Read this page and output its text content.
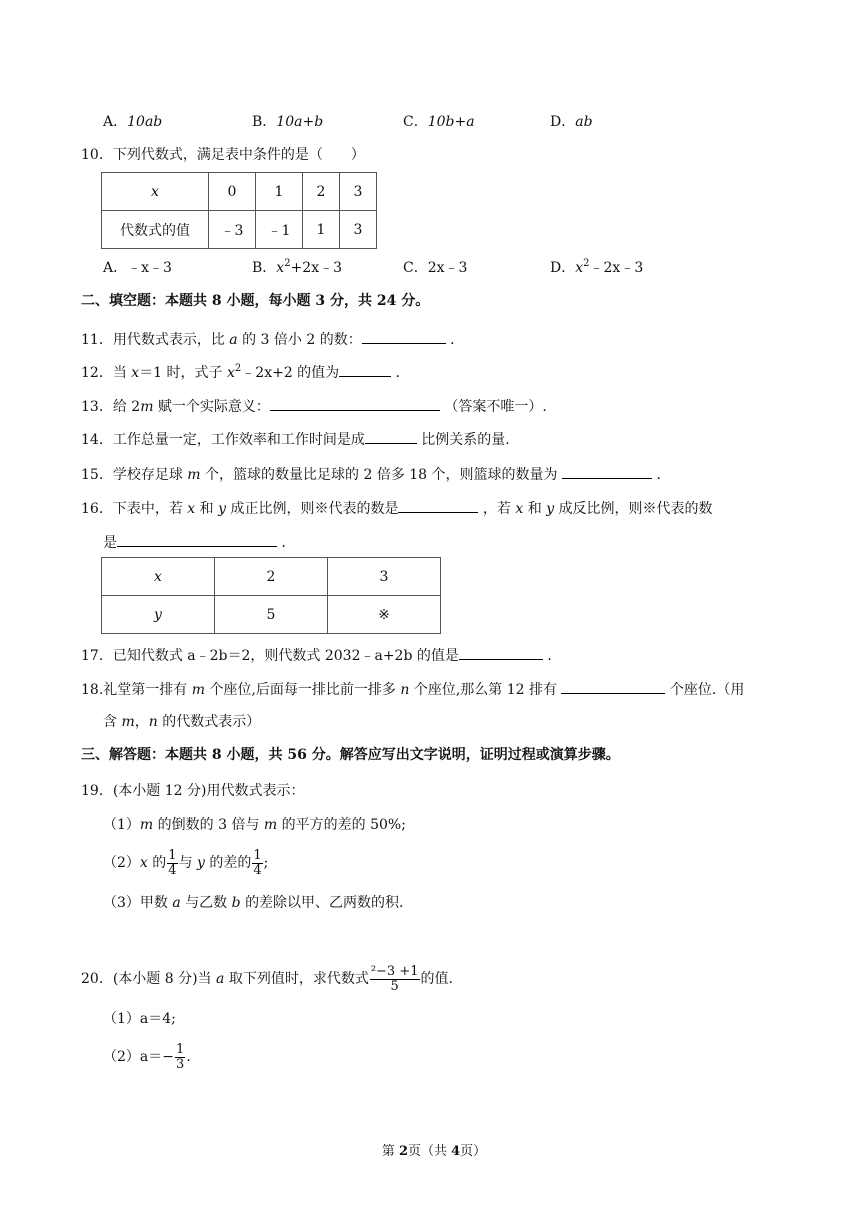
A．10ab	B．10a+b	C．10b+a	D．ab
10．下列代数式，满足表中条件的是（　　）
x	0	1	2	3
代数式的值	﹣3	﹣1	1	3
A．﹣x﹣3	B．$x^2+2x﹣3$	C．2x﹣3	D．$x^2﹣2x﹣3$
二、填空题：本题共 8 小题，每小题 3 分，共 24 分。
11．用代数式表示，比 a 的 3 倍小 2 的数：	．
12．当 x＝1 时，式子 $x^2﹣2x+2$ 的值为	．
13．给 2m 赋一个实际意义：	（答案不唯一）.
14．工作总量一定，工作效率和工作时间是成	比例关系的量.
15．学校存足球 m 个，篮球的数量比足球的 2 倍多 18 个，则篮球的数量为	．
16．下表中，若 x 和 y 成正比例，则※代表的数是	，若 x 和 y 成反比例，则※代表的数
是	．
x	2	3
y	5	※
17．已知代数式 a﹣2b＝2，则代数式 2032﹣a+2b 的值是	．
18.礼堂第一排有 m 个座位,后面每一排比前一排多 n 个座位,那么第 12 排有	个座位.（用
含 m，n 的代数式表示）
三、解答题：本题共 8 小题，共 56 分。解答应写出文字说明，证明过程或演算步骤。
19．(本小题 12 分)用代数式表示：
（1）m 的倒数的 3 倍与 m 的平方的差的 50%;
（2）x 的 $\frac{1}{4}$ 与 y 的差的 $\frac{1}{4}$ ;
（3）甲数 a 与乙数 b 的差除以甲、乙两数的积.
20．(本小题 8 分)当 a 取下列值时，求代数式 $\frac{\text{²−3 +1}}{5}$ 的值.
（1）a＝4;
$(2)a=- \frac{1}{3}$ .
第 2页（共 4页）
